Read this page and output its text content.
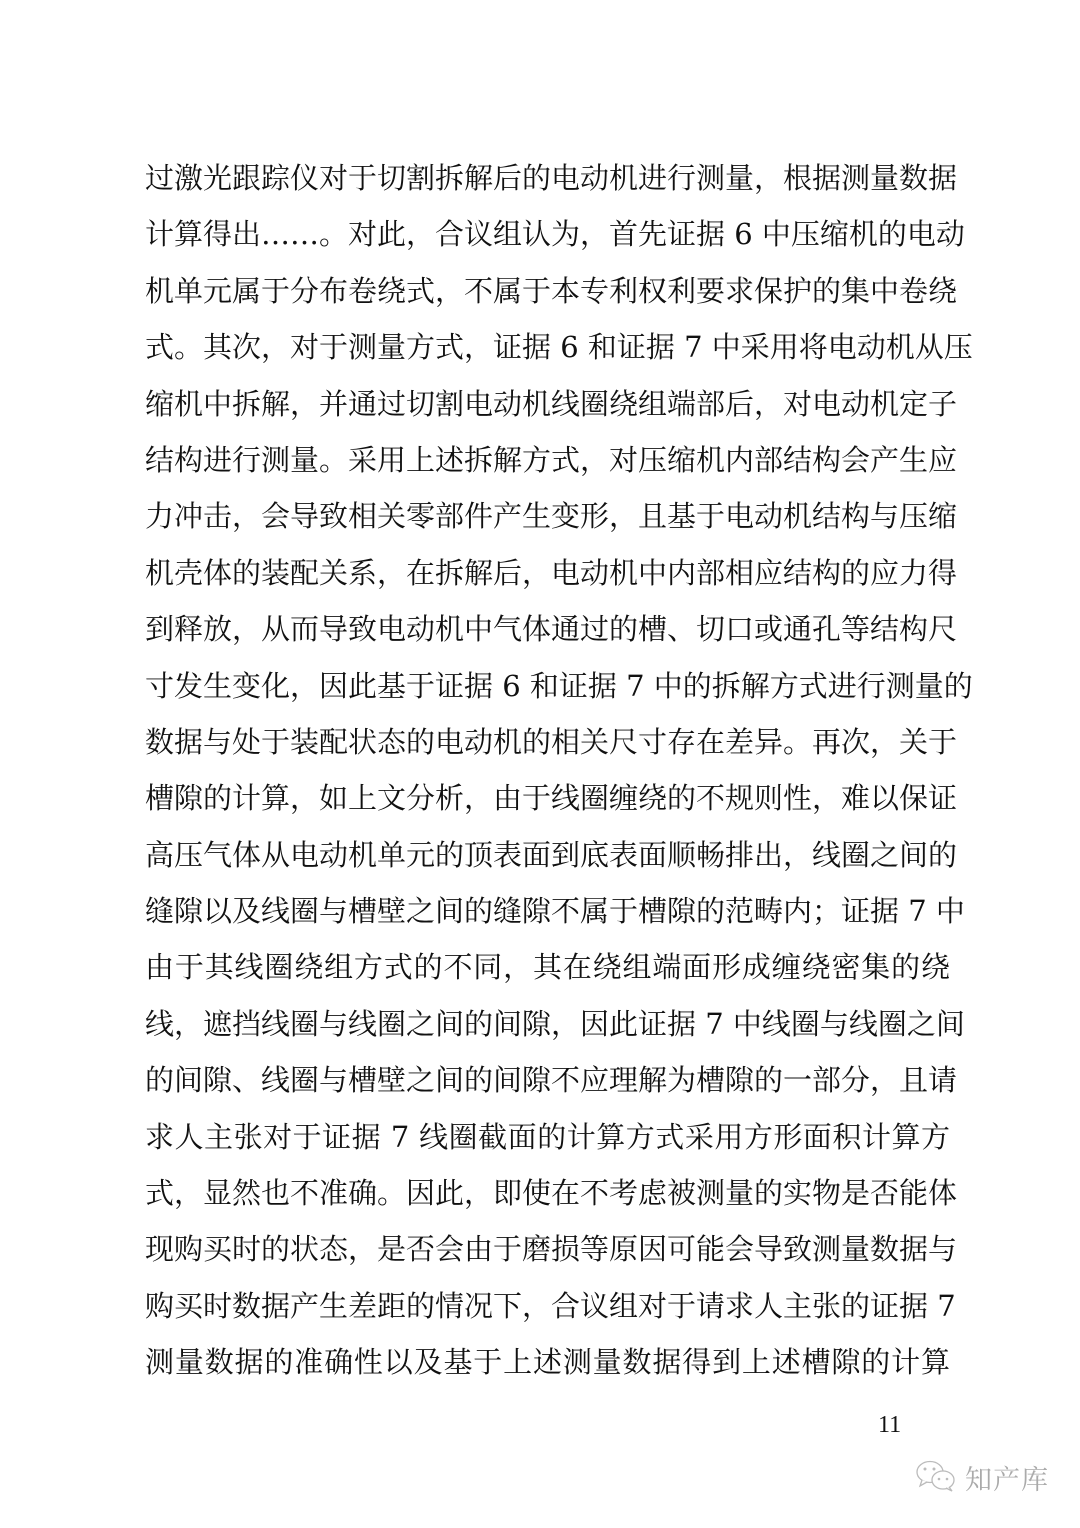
过激光跟踪仪对于切割拆解后的电动机进行测量，根据测量数据
计算得出……。对此，合议组认为，首先证据 6 中压缩机的电动
机单元属于分布卷绕式，不属于本专利权利要求保护的集中卷绕
式。其次，对于测量方式，证据 6 和证据 7 中采用将电动机从压
缩机中拆解，并通过切割电动机线圈绕组端部后，对电动机定子
结构进行测量。采用上述拆解方式，对压缩机内部结构会产生应
力冲击，会导致相关零部件产生变形，且基于电动机结构与压缩
机壳体的装配关系，在拆解后，电动机中内部相应结构的应力得
到释放，从而导致电动机中气体通过的槽、切口或通孔等结构尺
寸发生变化，因此基于证据 6 和证据 7 中的拆解方式进行测量的
数据与处于装配状态的电动机的相关尺寸存在差异。再次，关于
槽隙的计算，如上文分析，由于线圈缠绕的不规则性，难以保证
高压气体从电动机单元的顶表面到底表面顺畅排出，线圈之间的
缝隙以及线圈与槽壁之间的缝隙不属于槽隙的范畴内；证据 7 中
由于其线圈绕组方式的不同，其在绕组端面形成缠绕密集的绕
线，遮挡线圈与线圈之间的间隙，因此证据 7 中线圈与线圈之间
的间隙、线圈与槽壁之间的间隙不应理解为槽隙的一部分，且请
求人主张对于证据 7 线圈截面的计算方式采用方形面积计算方
式，显然也不准确。因此，即使在不考虑被测量的实物是否能体
现购买时的状态，是否会由于磨损等原因可能会导致测量数据与
购买时数据产生差距的情况下，合议组对于请求人主张的证据 7
测量数据的准确性以及基于上述测量数据得到上述槽隙的计算
11
知产库
